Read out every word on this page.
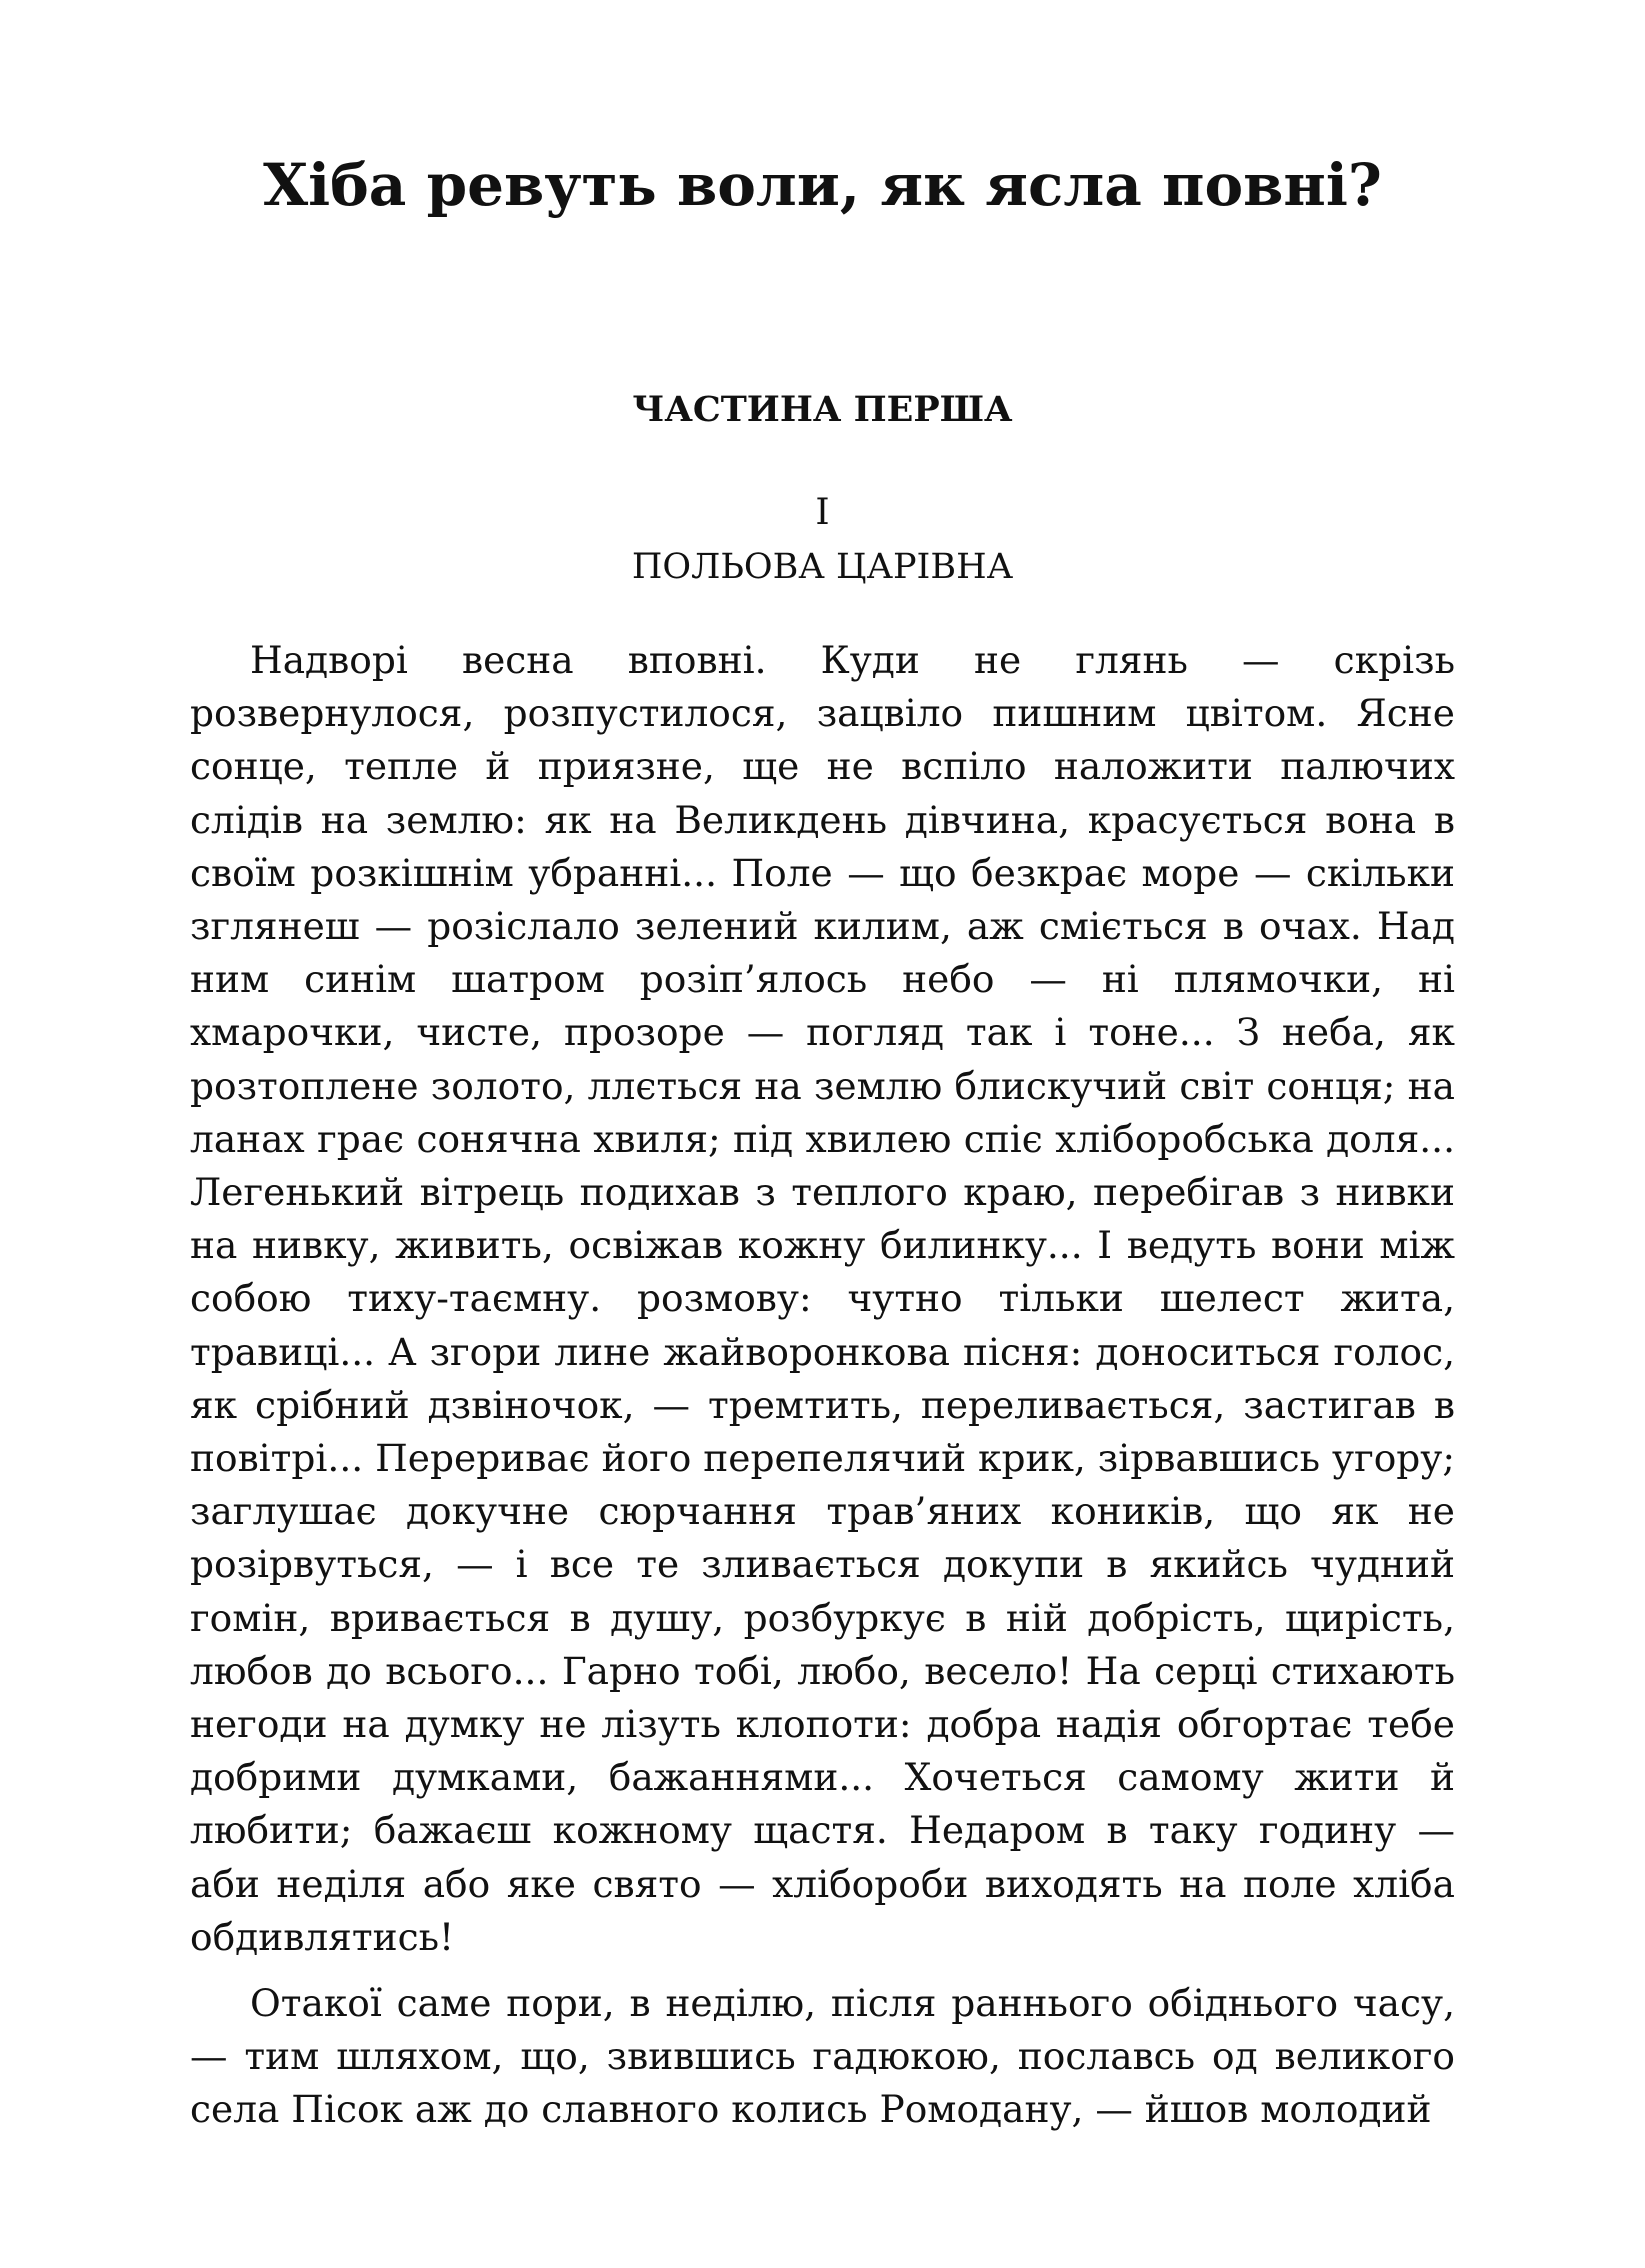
Хіба ревуть воли, як ясла повні?
ЧАСТИНА ПЕРША
I
ПОЛЬОВА ЦАРІВНА

Надворі весна вповні. Куди не глянь — скрізь розвернулося, розпустилося, зацвіло пишним цвітом. Ясне сонце, тепле й приязне, ще не вспіло наложити палючих слідів на землю: як на Великдень дівчина, красується вона в своїм розкішнім убранні... Поле — що безкрає море — скільки зглянеш — розіслало зелений килим, аж сміється в очах. Над ним синім шатром розіп’ялось небо — ні плямочки, ні хмарочки, чисте, прозоре — погляд так і тоне... З неба, як розтоплене золото, ллється на землю блискучий світ сонця; на ланах грає сонячна хвиля; під хвилею спіє хліборобська доля... Легенький вітрець подихав з теплого краю, перебігав з нивки на нивку, живить, освіжав кожну билинку... І ведуть вони між собою тиху-таємну. розмову: чутно тільки шелест жита, травиці... А згори лине жайворонкова пісня: доноситься голос, як срібний дзвіночок, — тремтить, переливається, застигав в повітрі... Перериває його перепелячий крик, зірвавшись угору; заглушає докучне сюрчання трав’яних коників, що як не розірвуться, — і все те зливається докупи в якийсь чудний гомін, вривається в душу, розбуркує в ній добрість, щирість, любов до всього... Гарно тобі, любо, весело! На серці стихають негоди на думку не лізуть клопоти: добра надія обгортає тебе добрими думками, бажаннями... Хочеться самому жити й любити; бажаєш кожному щастя. Недаром в таку годину — аби неділя або яке свято — хлібороби виходять на поле хліба обдивлятись!

Отакої саме пори, в неділю, після раннього обіднього часу, — тим шляхом, що, звившись гадюкою, пославсь од великого села Пісок аж до славного колись Ромодану, — йшов молодий
